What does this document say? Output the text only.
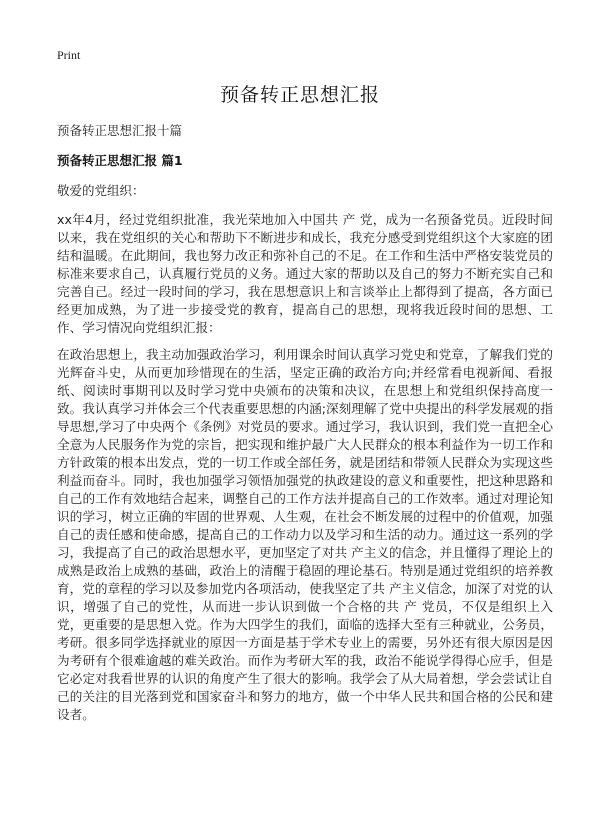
Print
预备转正思想汇报
预备转正思想汇报十篇
预备转正思想汇报 篇1
敬爱的党组织：
xx年4月，经过党组织批准，我光荣地加入中国共 产 党，成为一名预备党员。近段时间以来，我在党组织的关心和帮助下不断进步和成长，我充分感受到党组织这个大家庭的团结和温暖。在此期间，我也努力改正和弥补自己的不足。在工作和生活中严格安装党员的标准来要求自己，认真履行党员的义务。通过大家的帮助以及自己的努力不断充实自己和完善自己。经过一段时间的学习，我在思想意识上和言谈举止上都得到了提高，各方面已经更加成熟，为了进一步接受党的教育，提高自己的思想，现将我近段时间的思想、工作、学习情况向党组织汇报：
在政治思想上，我主动加强政治学习，利用课余时间认真学习党史和党章，了解我们党的光辉奋斗史，从而更加珍惜现在的生活，坚定正确的政治方向;并经常看电视新闻、看报纸、阅读时事期刊以及时学习党中央颁布的决策和决议，在思想上和党组织保持高度一致。我认真学习并体会三个代表重要思想的内涵;深刻理解了党中央提出的科学发展观的指导思想,学习了中央两个《条例》对党员的要求。通过学习，我认识到，我们党一直把全心全意为人民服务作为党的宗旨，把实现和维护最广大人民群众的根本利益作为一切工作和方针政策的根本出发点，党的一切工作或全部任务，就是团结和带领人民群众为实现这些利益而奋斗。同时，我也加强学习领悟加强党的执政建设的意义和重要性，把这种思路和自己的工作有效地结合起来，调整自己的工作方法并提高自己的工作效率。通过对理论知识的学习，树立正确的牢固的世界观、人生观，在社会不断发展的过程中的价值观，加强自己的责任感和使命感，提高自己的工作动力以及学习和生活的动力。通过这一系列的学习，我提高了自己的政治思想水平，更加坚定了对共 产主义的信念，并且懂得了理论上的成熟是政治上成熟的基础，政治上的清醒于稳固的理论基石。特别是通过党组织的培养教育，党的章程的学习以及参加党内各项活动，使我坚定了共 产主义信念，加深了对党的认识，增强了自己的党性，从而进一步认识到做一个合格的共 产 党员，不仅是组织上入党，更重要的是思想入党。作为大四学生的我们，面临的选择大至有三种就业，公务员，考研。很多同学选择就业的原因一方面是基于学术专业上的需要，另外还有很大原因是因为考研有个很难逾越的难关政治。而作为考研大军的我，政治不能说学得得心应手，但是它必定对我看世界的认识的角度产生了很大的影响。我学会了从大局着想，学会尝试让自己的关注的目光落到党和国家奋斗和努力的地方，做一个中华人民共和国合格的公民和建设者。
